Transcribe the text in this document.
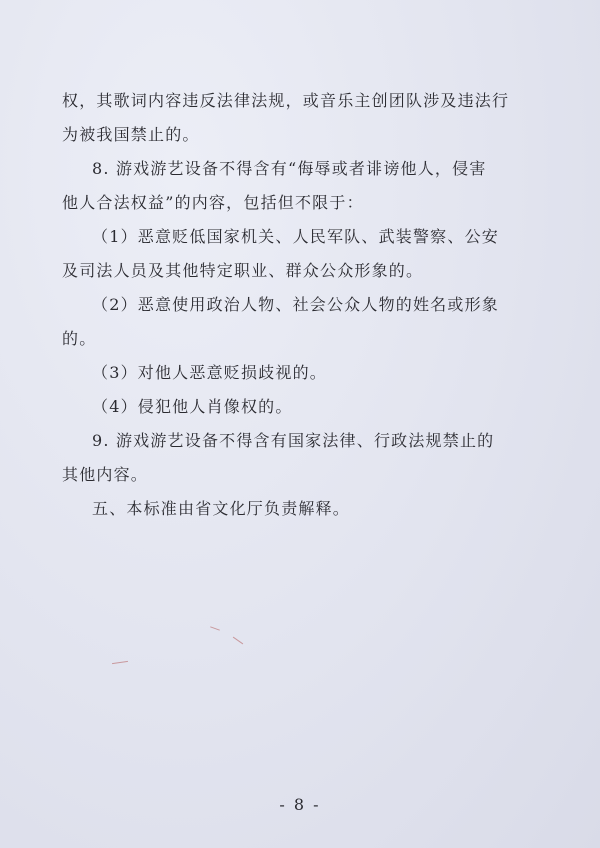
权，其歌词内容违反法律法规，或音乐主创团队涉及违法行
为被我国禁止的。
8. 游戏游艺设备不得含有“侮辱或者诽谤他人，侵害
他人合法权益”的内容，包括但不限于：
（1）恶意贬低国家机关、人民军队、武装警察、公安
及司法人员及其他特定职业、群众公众形象的。
（2）恶意使用政治人物、社会公众人物的姓名或形象
的。
（3）对他人恶意贬损歧视的。
（4）侵犯他人肖像权的。
9. 游戏游艺设备不得含有国家法律、行政法规禁止的
其他内容。
五、本标准由省文化厅负责解释。
- 8 -
